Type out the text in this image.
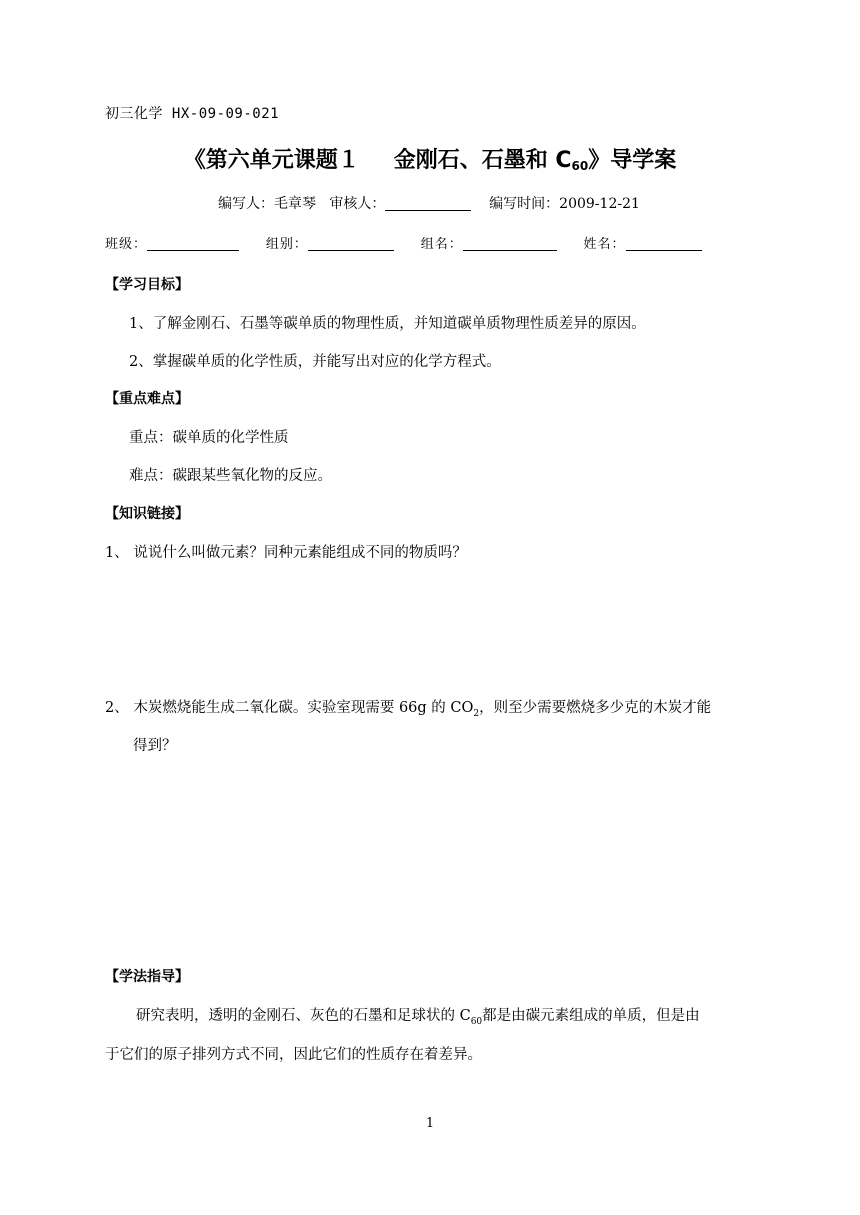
初三化学 HX-09-09-021
《第六单元课题１ 金刚石、石墨和 $C_{60}$》导学案
编写人：毛章琴 审核人：	编写时间：2009-12-21
班级：	组别：	组名：	姓名：
【学习目标】
1、了解金刚石、石墨等碳单质的物理性质，并知道碳单质物理性质差异的原因。
2、掌握碳单质的化学性质，并能写出对应的化学方程式。
【重点难点】
重点：碳单质的化学性质
难点：碳跟某些氧化物的反应。
【知识链接】
1、 说说什么叫做元素？同种元素能组成不同的物质吗？
2、 木炭燃烧能生成二氧化碳。实验室现需要 66g 的 $CO_2$，则至少需要燃烧多少克的木炭才能
得到？
【学法指导】
研究表明，透明的金刚石、灰色的石墨和足球状的 $C_{60}$都是由碳元素组成的单质，但是由
于它们的原子排列方式不同，因此它们的性质存在着差异。
1
